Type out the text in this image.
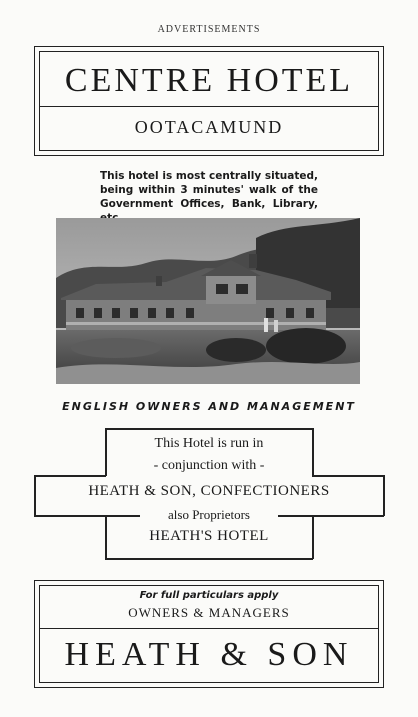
ADVERTISEMENTS
CENTRE HOTEL
OOTACAMUND
This hotel is most centrally situated, being within 3 minutes' walk of the Government Offices, Bank, Library,
ENGLISH OWNERS AND MANAGEMENT
This Hotel is run in
- conjunction with -
HEATH & SON, CONFECTIONERS
also Proprietors
HEATH'S HOTEL
For full particulars apply
OWNERS & MANAGERS
HEATH & SON
